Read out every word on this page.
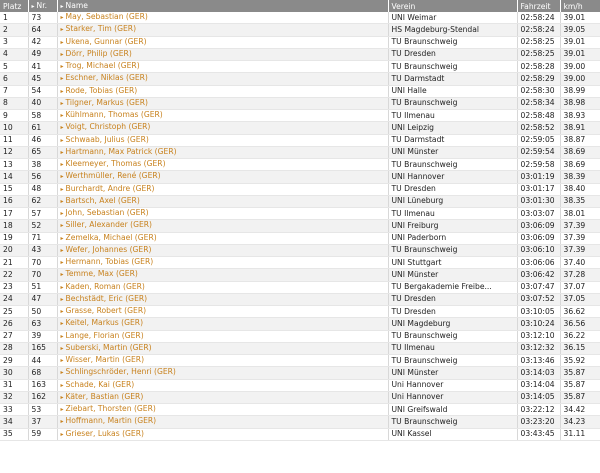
Platz	▸ Nr.	▸ Name	Verein	Fahrzeit	km/h
1	73	▸ May, Sebastian (GER)	UNI Weimar	02:58:24	39.01
2	64	▸ Starker, Tim (GER)	HS Magdeburg-Stendal	02:58:24	39.05
3	42	▸ Ukena, Gunnar (GER)	TU Braunschweig	02:58:25	39.01
4	49	▸ Dörr, Philip (GER)	TU Dresden	02:58:25	39.01
5	41	▸ Trog, Michael (GER)	TU Braunschweig	02:58:28	39.00
6	45	▸ Eschner, Niklas (GER)	TU Darmstadt	02:58:29	39.00
7	54	▸ Rode, Tobias (GER)	UNI Halle	02:58:30	38.99
8	40	▸ Tilgner, Markus (GER)	TU Braunschweig	02:58:34	38.98
9	58	▸ Kühlmann, Thomas (GER)	TU Ilmenau	02:58:48	38.93
10	61	▸ Voigt, Christoph (GER)	UNI Leipzig	02:58:52	38.91
11	46	▸ Schwaab, Julius (GER)	TU Darmstadt	02:59:05	38.87
12	65	▸ Hartmann, Max Patrick (GER)	UNI Münster	02:59:54	38.69
13	38	▸ Kleemeyer, Thomas (GER)	TU Braunschweig	02:59:58	38.69
14	56	▸ Werthmüller, René (GER)	UNI Hannover	03:01:19	38.39
15	48	▸ Burchardt, Andre (GER)	TU Dresden	03:01:17	38.40
16	62	▸ Bartsch, Axel (GER)	UNI Lüneburg	03:01:30	38.35
17	57	▸ John, Sebastian (GER)	TU Ilmenau	03:03:07	38.01
18	52	▸ Siller, Alexander (GER)	UNI Freiburg	03:06:09	37.39
19	71	▸ Zemelka, Michael (GER)	UNI Paderborn	03:06:09	37.39
20	43	▸ Wefer, Johannes (GER)	TU Braunschweig	03:06:10	37.39
21	70	▸ Hermann, Tobias (GER)	UNI Stuttgart	03:06:06	37.40
22	70	▸ Temme, Max (GER)	UNI Münster	03:06:42	37.28
23	51	▸ Kaden, Roman (GER)	TU Bergakademie Freibe...	03:07:47	37.07
24	47	▸ Bechstädt, Eric (GER)	TU Dresden	03:07:52	37.05
25	50	▸ Grasse, Robert (GER)	TU Dresden	03:10:05	36.62
26	63	▸ Keitel, Markus (GER)	UNI Magdeburg	03:10:24	36.56
27	39	▸ Lange, Florian (GER)	TU Braunschweig	03:12:10	36.22
28	165	▸ Suberski, Martin (GER)	TU Ilmenau	03:12:32	36.15
29	44	▸ Wisser, Martin (GER)	TU Braunschweig	03:13:46	35.92
30	68	▸ Schlingschröder, Henri (GER)	UNI Münster	03:14:03	35.87
31	163	▸ Schade, Kai (GER)	Uni Hannover	03:14:04	35.87
32	162	▸ Käter, Bastian (GER)	Uni Hannover	03:14:05	35.87
33	53	▸ Ziebart, Thorsten (GER)	UNI Greifswald	03:22:12	34.42
34	37	▸ Hoffmann, Martin (GER)	TU Braunschweig	03:23:20	34.23
35	59	▸ Grieser, Lukas (GER)	UNI Kassel	03:43:45	31.11
